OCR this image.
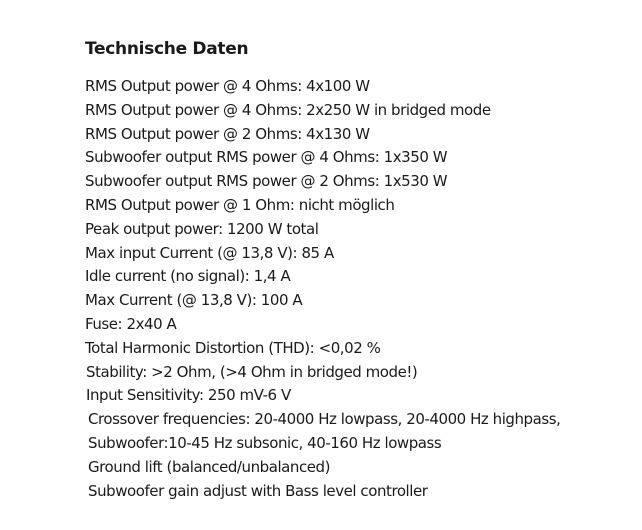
Technische Daten
RMS Output power @ 4 Ohms: 4x100 W
RMS Output power @ 4 Ohms: 2x250 W in bridged mode
RMS Output power @ 2 Ohms: 4x130 W
Subwoofer output RMS power @ 4 Ohms: 1x350 W
Subwoofer output RMS power @ 2 Ohms: 1x530 W
RMS Output power @ 1 Ohm: nicht möglich
Peak output power: 1200 W total
Max input Current (@ 13,8 V): 85 A
Idle current (no signal): 1,4 A
Max Current (@ 13,8 V): 100 A
Fuse: 2x40 A
Total Harmonic Distortion (THD): <0,02 %
Stability: >2 Ohm, (>4 Ohm in bridged mode!)
Input Sensitivity: 250 mV-6 V
Crossover frequencies: 20-4000 Hz lowpass, 20-4000 Hz highpass,
Subwoofer:10-45 Hz subsonic, 40-160 Hz lowpass
Ground lift (balanced/unbalanced)
Subwoofer gain adjust with Bass level controller
